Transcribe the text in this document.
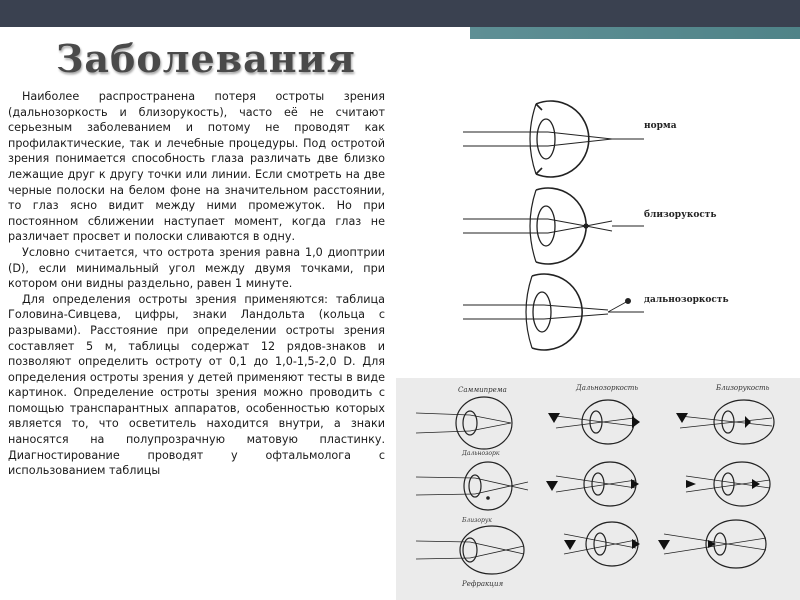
Заболевания

Наиболее распространена потеря остроты зрения (дальнозоркость и близорукость), часто её не считают серьезным заболеванием и потому не проводят как профилактические, так и лечебные процедуры. Под остротой зрения понимается способность глаза различать две близко лежащие друг к другу точки или линии. Если смотреть на две черные полоски на белом фоне на значительном расстоянии, то глаз ясно видит между ними промежуток. Но при постоянном сближении наступает момент, когда глаз не различает просвет и полоски сливаются в одну.

Условно считается, что острота зрения равна 1,0 диоптрии (D), если минимальный угол между двумя точками, при котором они видны раздельно, равен 1 минуте.

Для определения остроты зрения применяются: таблица Головина-Сивцева, цифры, знаки Ландольта (кольца с разрывами). Расстояние при определении остроты зрения составляет 5 м, таблицы содержат 12 рядов-знаков и позволяют определить остроту от 0,1 до 1,0-1,5-2,0 D. Для определения остроты зрения у детей применяют тесты в виде картинок. Определение остроты зрения можно проводить с помощью транспарантных аппаратов, особенностью которых является то, что осветитель находится внутри, а знаки наносятся на полупрозрачную матовую пластинку. Диагностирование проводят у офтальмолога с использованием таблицы

норма
близорукость
дальнозоркость
Саммипрема	Дальнозоркость	Близорукость
Дальнозорк
Близорук
Рефракция
